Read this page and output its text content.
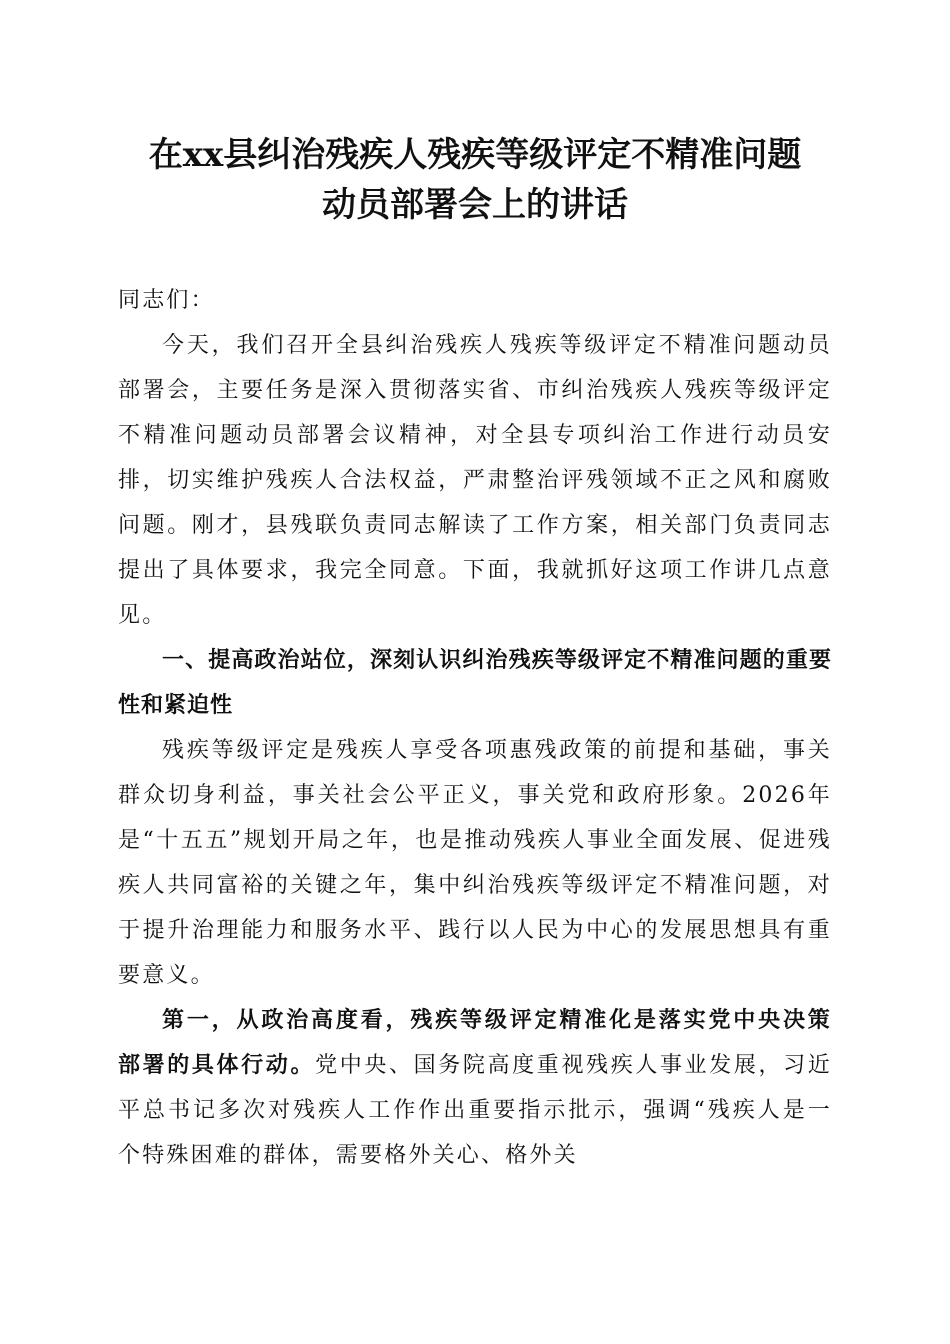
在xx县纠治残疾人残疾等级评定不精准问题
动员部署会上的讲话

同志们：

今天，我们召开全县纠治残疾人残疾等级评定不精准问题动员部署会，主要任务是深入贯彻落实省、市纠治残疾人残疾等级评定不精准问题动员部署会议精神，对全县专项纠治工作进行动员安排，切实维护残疾人合法权益，严肃整治评残领域不正之风和腐败问题。刚才，县残联负责同志解读了工作方案，相关部门负责同志提出了具体要求，我完全同意。下面，我就抓好这项工作讲几点意见。

一、提高政治站位，深刻认识纠治残疾等级评定不精准问题的重要性和紧迫性

残疾等级评定是残疾人享受各项惠残政策的前提和基础，事关群众切身利益，事关社会公平正义，事关党和政府形象。2026年是“十五五”规划开局之年，也是推动残疾人事业全面发展、促进残疾人共同富裕的关键之年，集中纠治残疾等级评定不精准问题，对于提升治理能力和服务水平、践行以人民为中心的发展思想具有重要意义。

第一，从政治高度看，残疾等级评定精准化是落实党中央决策部署的具体行动。党中央、国务院高度重视残疾人事业发展，习近平总书记多次对残疾人工作作出重要指示批示，强调“残疾人是一个特殊困难的群体，需要格外关心、格外关
